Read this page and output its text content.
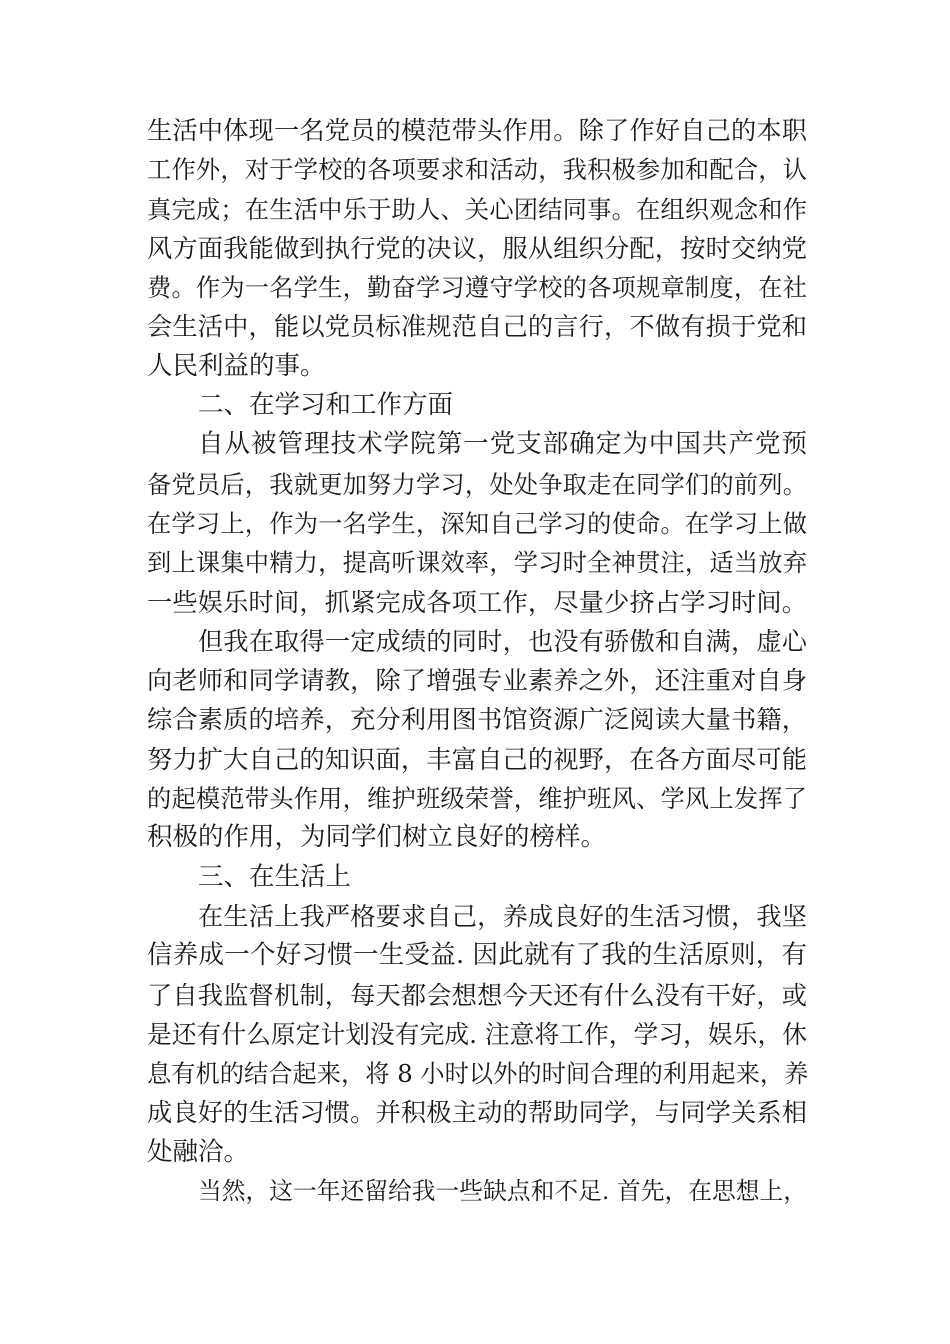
生活中体现一名党员的模范带头作用。除了作好自己的本职
工作外，对于学校的各项要求和活动，我积极参加和配合，认
真完成；在生活中乐于助人、关心团结同事。在组织观念和作
风方面我能做到执行党的决议，服从组织分配，按时交纳党
费。作为一名学生，勤奋学习遵守学校的各项规章制度，在社
会生活中，能以党员标准规范自己的言行，不做有损于党和
人民利益的事。
二、在学习和工作方面
自从被管理技术学院第一党支部确定为中国共产党预
备党员后，我就更加努力学习，处处争取走在同学们的前列。
在学习上，作为一名学生，深知自己学习的使命。在学习上做
到上课集中精力，提高听课效率，学习时全神贯注，适当放弃
一些娱乐时间，抓紧完成各项工作，尽量少挤占学习时间。
但我在取得一定成绩的同时，也没有骄傲和自满，虚心
向老师和同学请教，除了增强专业素养之外，还注重对自身
综合素质的培养，充分利用图书馆资源广泛阅读大量书籍，
努力扩大自己的知识面，丰富自己的视野，在各方面尽可能
的起模范带头作用，维护班级荣誉，维护班风、学风上发挥了
积极的作用，为同学们树立良好的榜样。
三、在生活上
在生活上我严格要求自己，养成良好的生活习惯，我坚
信养成一个好习惯一生受益. 因此就有了我的生活原则，有
了自我监督机制，每天都会想想今天还有什么没有干好，或
是还有什么原定计划没有完成. 注意将工作，学习，娱乐，休
息有机的结合起来，将 8 小时以外的时间合理的利用起来，养
成良好的生活习惯。并积极主动的帮助同学，与同学关系相
处融洽。
当然，这一年还留给我一些缺点和不足. 首先，在思想上，
